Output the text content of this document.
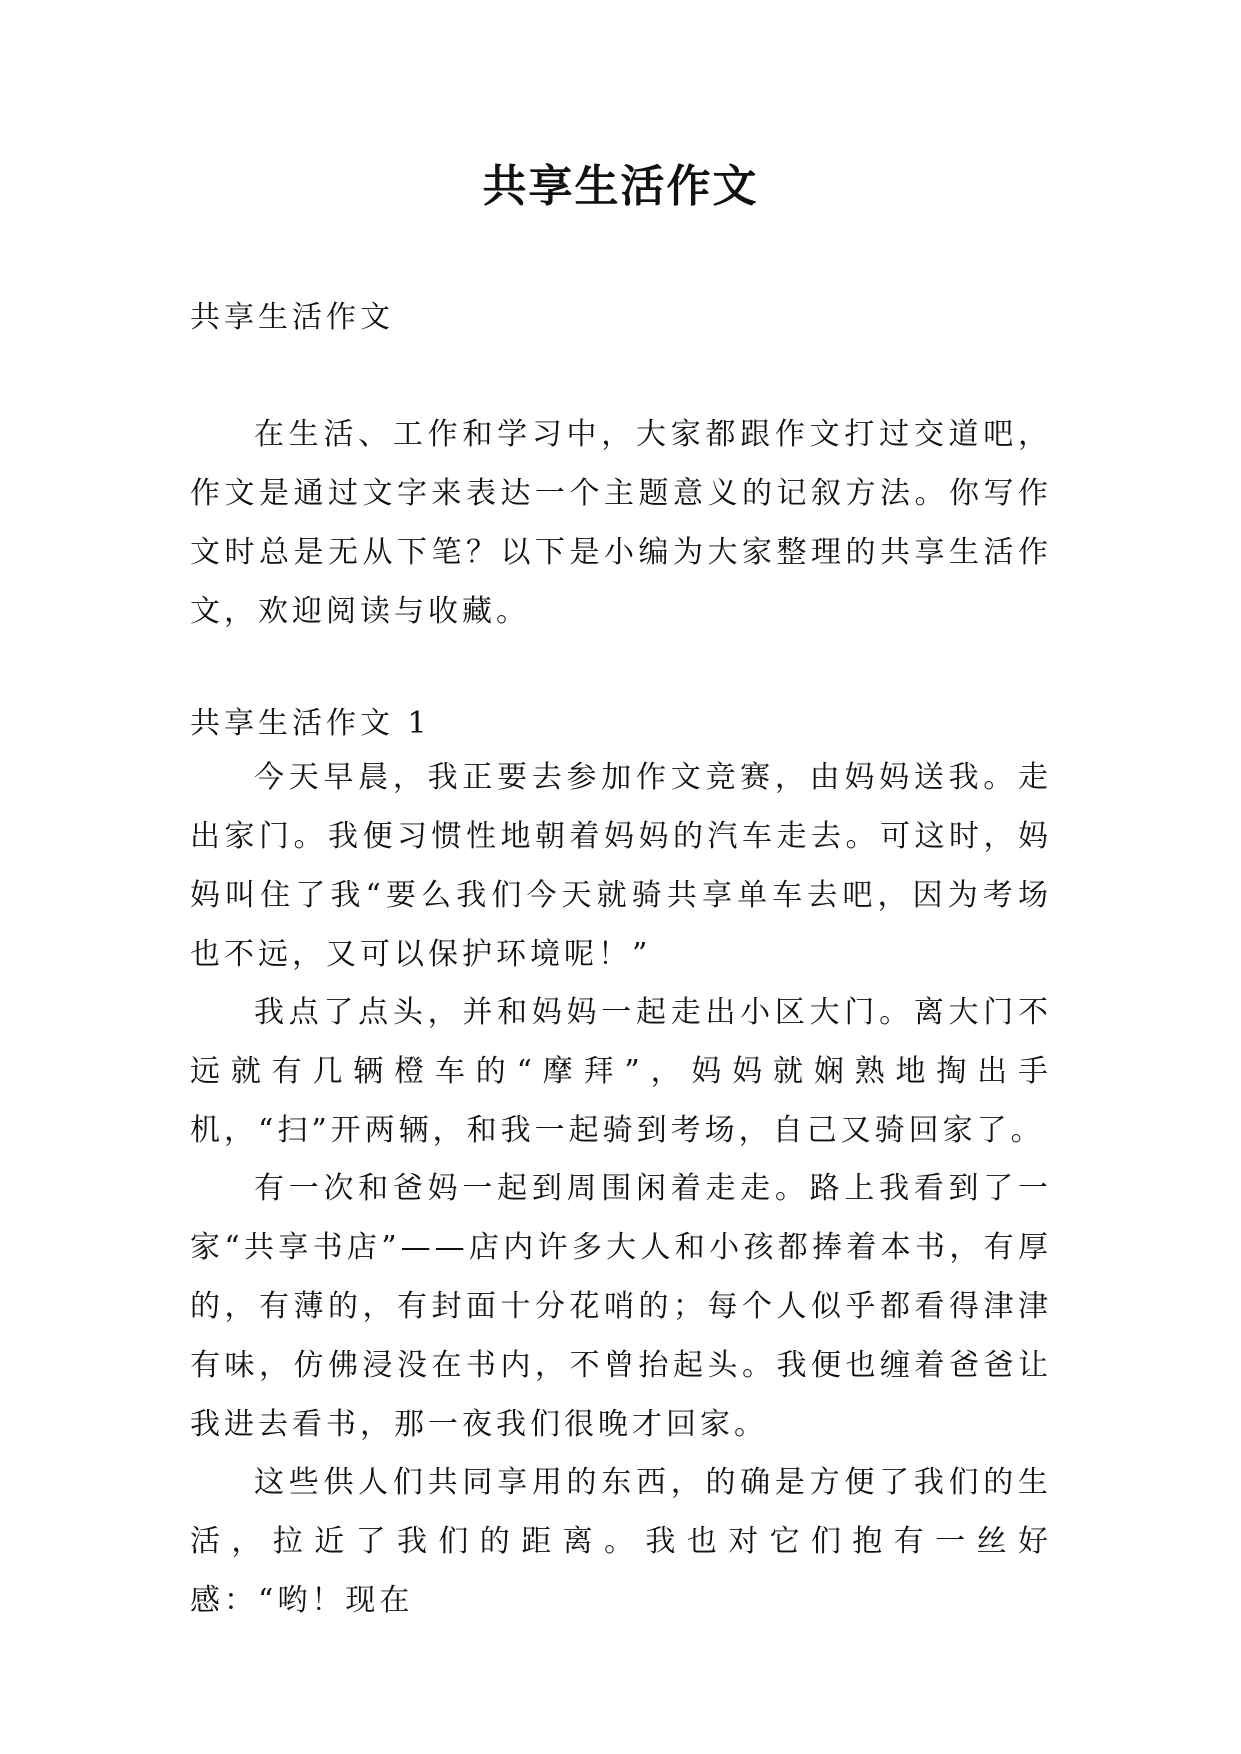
共享生活作文

共享生活作文

在生活、工作和学习中，大家都跟作文打过交道吧，作文是通过文字来表达一个主题意义的记叙方法。你写作文时总是无从下笔？以下是小编为大家整理的共享生活作文，欢迎阅读与收藏。

共享生活作文 1

今天早晨，我正要去参加作文竞赛，由妈妈送我。走出家门。我便习惯性地朝着妈妈的汽车走去。可这时，妈妈叫住了我“要么我们今天就骑共享单车去吧，因为考场也不远，又可以保护环境呢！”

我点了点头，并和妈妈一起走出小区大门。离大门不远就有几辆橙车的“摩拜”，妈妈就娴熟地掏出手机，“扫”开两辆，和我一起骑到考场，自己又骑回家了。

有一次和爸妈一起到周围闲着走走。路上我看到了一家“共享书店”——店内许多大人和小孩都捧着本书，有厚的，有薄的，有封面十分花哨的；每个人似乎都看得津津有味，仿佛浸没在书内，不曾抬起头。我便也缠着爸爸让我进去看书，那一夜我们很晚才回家。

这些供人们共同享用的东西，的确是方便了我们的生活，拉近了我们的距离。我也对它们抱有一丝好感：“哟！现在
